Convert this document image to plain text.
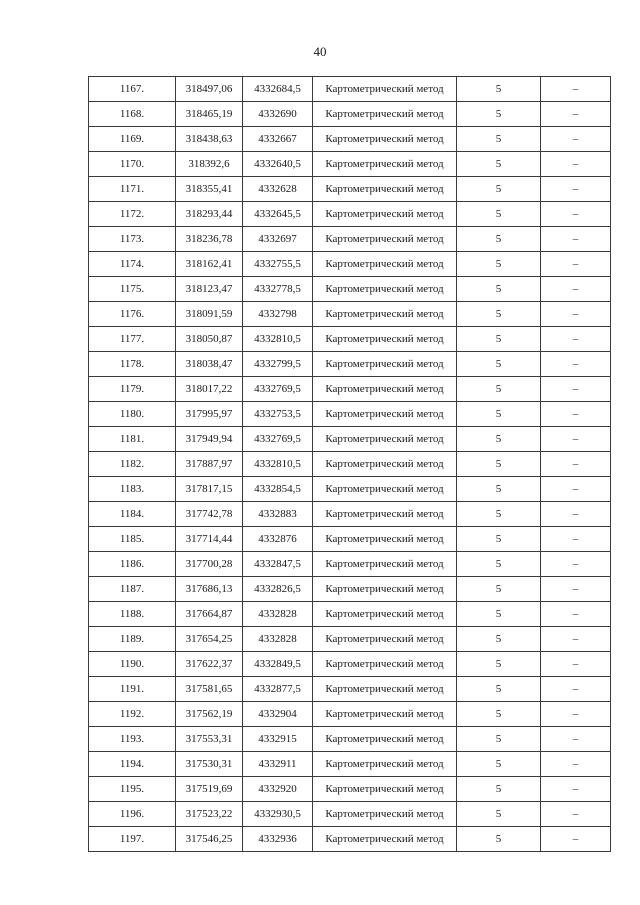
40
1167.	318497,06	4332684,5	Картометрический метод	5	–
1168.	318465,19	4332690	Картометрический метод	5	–
1169.	318438,63	4332667	Картометрический метод	5	–
1170.	318392,6	4332640,5	Картометрический метод	5	–
1171.	318355,41	4332628	Картометрический метод	5	–
1172.	318293,44	4332645,5	Картометрический метод	5	–
1173.	318236,78	4332697	Картометрический метод	5	–
1174.	318162,41	4332755,5	Картометрический метод	5	–
1175.	318123,47	4332778,5	Картометрический метод	5	–
1176.	318091,59	4332798	Картометрический метод	5	–
1177.	318050,87	4332810,5	Картометрический метод	5	–
1178.	318038,47	4332799,5	Картометрический метод	5	–
1179.	318017,22	4332769,5	Картометрический метод	5	–
1180.	317995,97	4332753,5	Картометрический метод	5	–
1181.	317949,94	4332769,5	Картометрический метод	5	–
1182.	317887,97	4332810,5	Картометрический метод	5	–
1183.	317817,15	4332854,5	Картометрический метод	5	–
1184.	317742,78	4332883	Картометрический метод	5	–
1185.	317714,44	4332876	Картометрический метод	5	–
1186.	317700,28	4332847,5	Картометрический метод	5	–
1187.	317686,13	4332826,5	Картометрический метод	5	–
1188.	317664,87	4332828	Картометрический метод	5	–
1189.	317654,25	4332828	Картометрический метод	5	–
1190.	317622,37	4332849,5	Картометрический метод	5	–
1191.	317581,65	4332877,5	Картометрический метод	5	–
1192.	317562,19	4332904	Картометрический метод	5	–
1193.	317553,31	4332915	Картометрический метод	5	–
1194.	317530,31	4332911	Картометрический метод	5	–
1195.	317519,69	4332920	Картометрический метод	5	–
1196.	317523,22	4332930,5	Картометрический метод	5	–
1197.	317546,25	4332936	Картометрический метод	5	–
